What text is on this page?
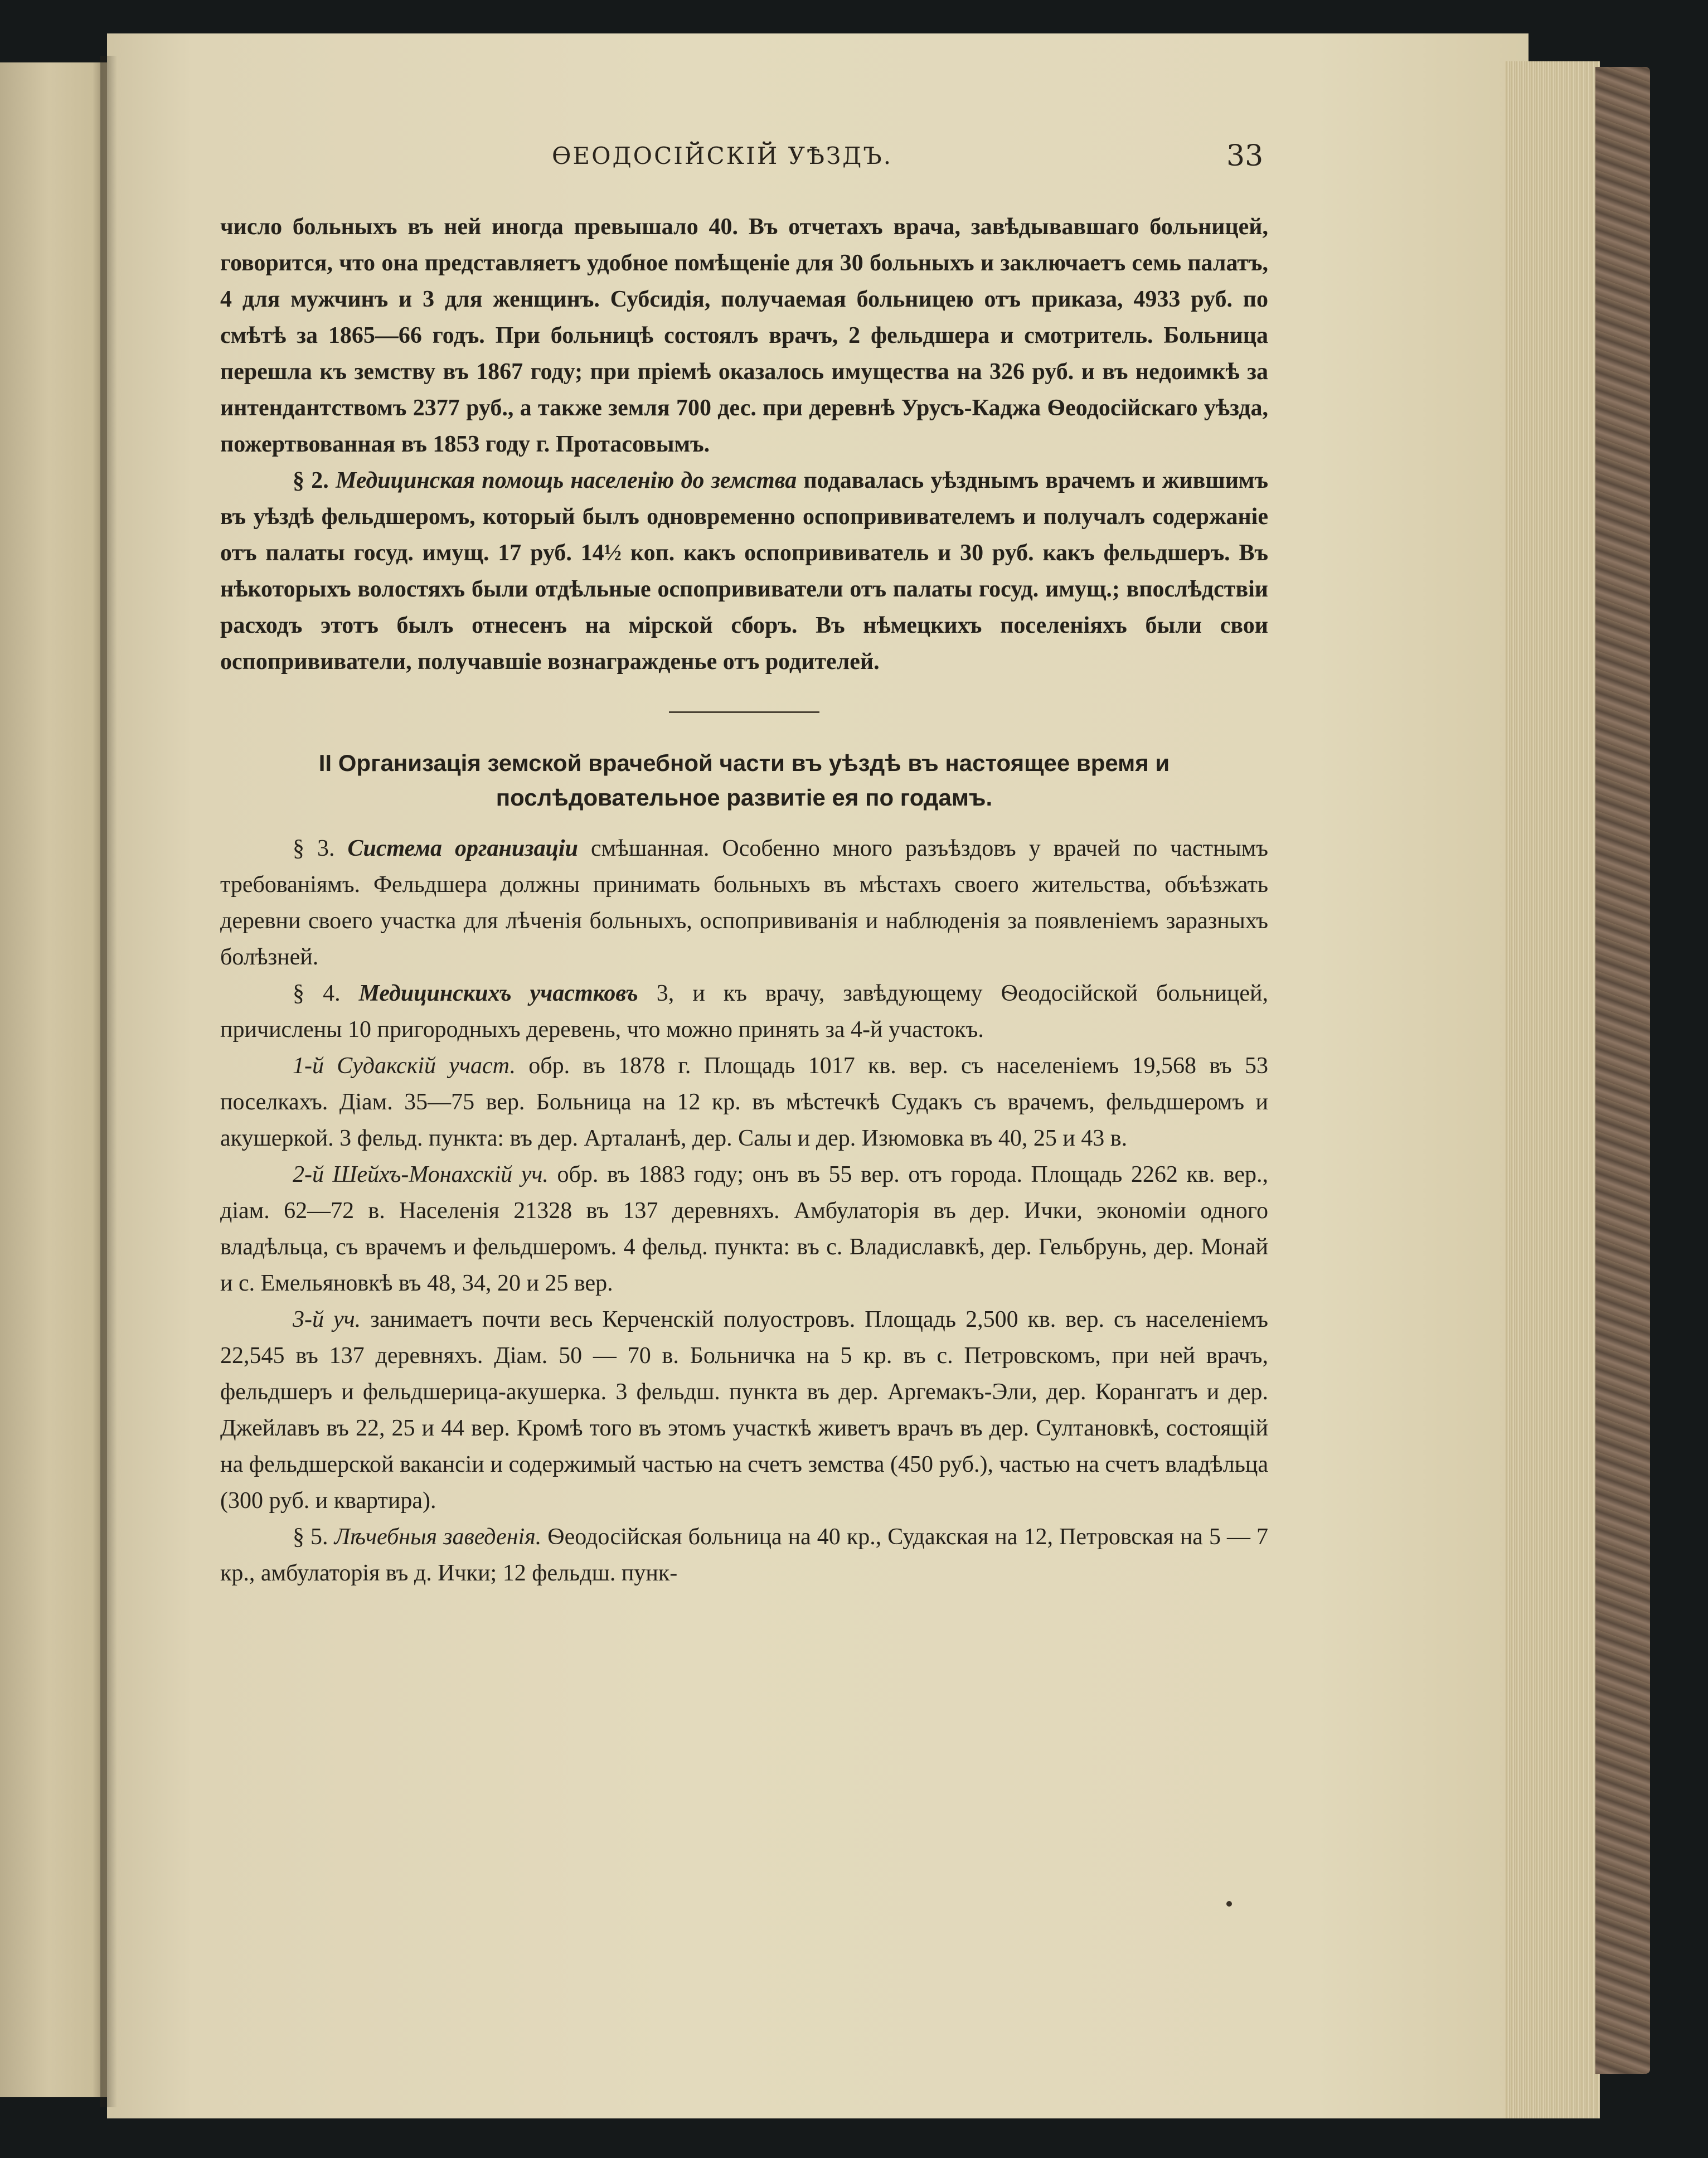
ѲЕОДОСІЙСКІЙ УѢЗДЪ.	33

число больныхъ въ ней иногда превышало 40. Въ отчетахъ врача, завѣдывавшаго больницей, говорится, что она представляетъ удобное помѣщеніе для 30 больныхъ и заключаетъ семь палатъ, 4 для мужчинъ и 3 для женщинъ. Субсидія, получаемая больницею отъ приказа, 4933 руб. по смѣтѣ за 1865—66 годъ. При больницѣ состоялъ врачъ, 2 фельдшера и смотритель. Больница перешла къ земству въ 1867 году; при пріемѣ оказалось имущества на 326 руб. и въ недоимкѣ за интендантствомъ 2377 руб., а также земля 700 дес. при деревнѣ Урусъ-Каджа Ѳеодосійскаго уѣзда, пожертвованная въ 1853 году г. Протасовымъ.

§ 2. Медицинская помощь населенію до земства подавалась уѣзднымъ врачемъ и жившимъ въ уѣздѣ фельдшеромъ, который былъ одновременно оспопрививателемъ и получалъ содержаніе отъ палаты госуд. имущ. 17 руб. 14½ коп. какъ оспопрививатель и 30 руб. какъ фельдшеръ. Въ нѣкоторыхъ волостяхъ были отдѣльные оспопрививатели отъ палаты госуд. имущ.; впослѣдствіи расходъ этотъ былъ отнесенъ на мірской сборъ. Въ нѣмецкихъ поселеніяхъ были свои оспопрививатели, получавшіе вознагражденье отъ родителей.

II Организація земской врачебной части въ уѣздѣ въ настоящее время и послѣдовательное развитіе ея по годамъ.

§ 3. Система организаціи смѣшанная. Особенно много разъѣздовъ у врачей по частнымъ требованіямъ. Фельдшера должны принимать больныхъ въ мѣстахъ своего жительства, объѣзжать деревни своего участка для лѣченія больныхъ, оспопрививанія и наблюденія за появленіемъ заразныхъ болѣзней.

§ 4. Медицинскихъ участковъ 3, и къ врачу, завѣдующему Ѳеодосійской больницей, причислены 10 пригородныхъ деревень, что можно принять за 4-й участокъ.

1-й Судакскій участ. обр. въ 1878 г. Площадь 1017 кв. вер. съ населеніемъ 19,568 въ 53 поселкахъ. Діам. 35—75 вер. Больница на 12 кр. въ мѣстечкѣ Судакъ съ врачемъ, фельдшеромъ и акушеркой. 3 фельд. пункта: въ дер. Арталанѣ, дер. Салы и дер. Изюмовка въ 40, 25 и 43 в.

2-й Шейхъ-Монахскій уч. обр. въ 1883 году; онъ въ 55 вер. отъ города. Площадь 2262 кв. вер., діам. 62—72 в. Населенія 21328 въ 137 деревняхъ. Амбулаторія въ дер. Ички, экономіи одного владѣльца, съ врачемъ и фельдшеромъ. 4 фельд. пункта: въ с. Владиславкѣ, дер. Гельбрунь, дер. Монай и с. Емельяновкѣ въ 48, 34, 20 и 25 вер.

3-й уч. занимаетъ почти весь Керченскій полуостровъ. Площадь 2,500 кв. вер. съ населеніемъ 22,545 въ 137 деревняхъ. Діам. 50 — 70 в. Больничка на 5 кр. въ с. Петровскомъ, при ней врачъ, фельдшеръ и фельдшерица-акушерка. 3 фельдш. пункта въ дер. Аргемакъ-Эли, дер. Корангатъ и дер. Джейлавъ въ 22, 25 и 44 вер. Кромѣ того въ этомъ участкѣ живетъ врачъ въ дер. Султановкѣ, состоящій на фельдшерской вакансіи и содержимый частью на счетъ земства (450 руб.), частью на счетъ владѣльца (300 руб. и квартира).

§ 5. Лѣчебныя заведенія. Ѳеодосійская больница на 40 кр., Судакская на 12, Петровская на 5 — 7 кр., амбулаторія въ д. Ички; 12 фельдш. пунк-
